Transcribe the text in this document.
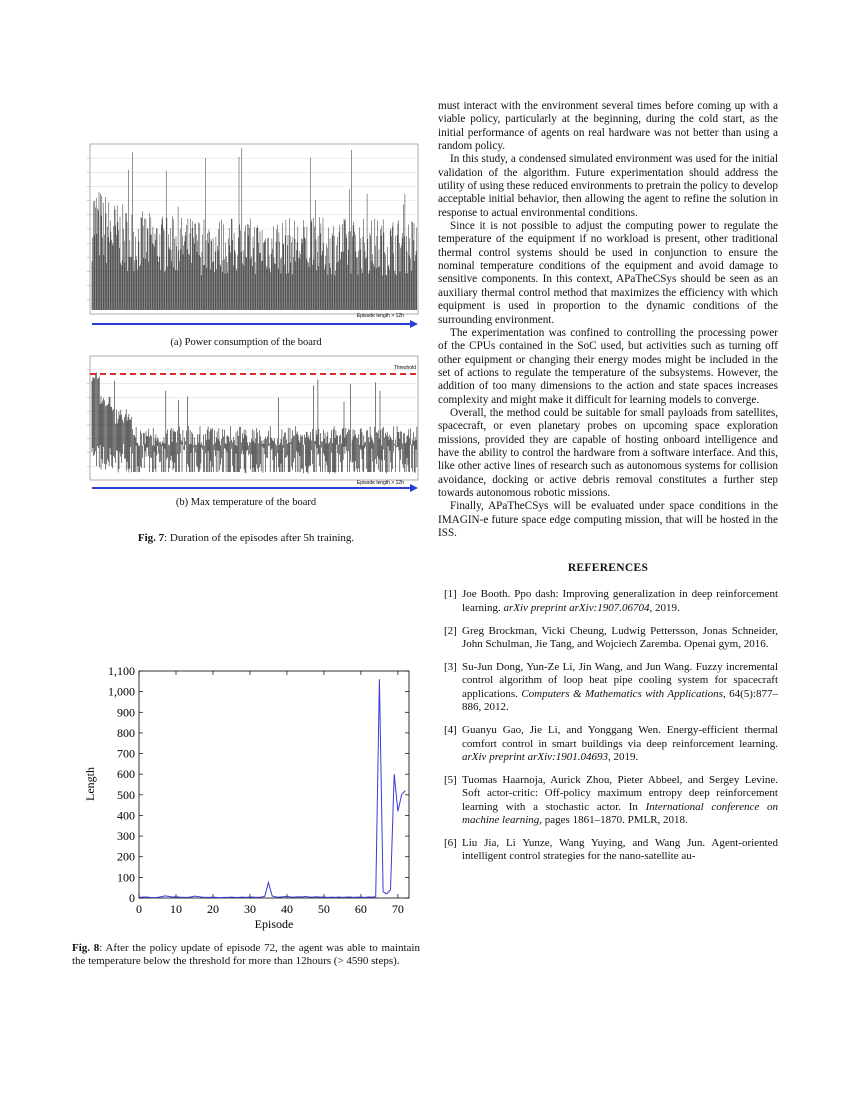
Episode length > 12h
(a) Power consumption of the board
Threshold
Episode length > 12h
(b) Max temperature of the board
Fig. 7: Duration of the episodes after 5h training.
0
100
200
300
400
500
600
700
800
900
1,000
1,100
0 10 20 30 40 50 60 70
Length
Episode
Fig. 8: After the policy update of episode 72, the agent was able to maintain the temperature below the threshold for more than 12hours (> 4590 steps).

must interact with the environment several times before coming up with a viable policy, particularly at the beginning, during the cold start, as the initial performance of agents on real hardware was not better than using a random policy.

In this study, a condensed simulated environment was used for the initial validation of the algorithm. Future experimentation should address the utility of using these reduced environments to pretrain the policy to develop acceptable initial behavior, then allowing the agent to refine the solution in response to actual environmental conditions.

Since it is not possible to adjust the computing power to regulate the temperature of the equipment if no workload is present, other traditional thermal control systems should be used in conjunction to ensure the nominal temperature conditions of the equipment and avoid damage to sensitive components. In this context, APaTheCSys should be seen as an auxiliary thermal control method that maximizes the efficiency with which equipment is used in proportion to the dynamic conditions of the surrounding environment.

The experimentation was confined to controlling the processing power of the CPUs contained in the SoC used, but activities such as turning off other equipment or changing their energy modes might be included in the set of actions to regulate the temperature of the subsystems. However, the addition of too many dimensions to the action and state spaces increases complexity and might make it difficult for learning models to converge.

Overall, the method could be suitable for small payloads from satellites, spacecraft, or even planetary probes on upcoming space exploration missions, provided they are capable of hosting onboard intelligence and have the ability to control the hardware from a software interface. And this, like other active lines of research such as autonomous systems for collision avoidance, docking or active debris removal constitutes a further step towards autonomous robotic missions.

Finally, APaTheCSys will be evaluated under space conditions in the IMAGIN-e future space edge computing mission, that will be hosted in the ISS.

REFERENCES
[1] Joe Booth. Ppo dash: Improving generalization in deep reinforcement learning. arXiv preprint arXiv:1907.06704, 2019.
[2] Greg Brockman, Vicki Cheung, Ludwig Pettersson, Jonas Schneider, John Schulman, Jie Tang, and Wojciech Zaremba. Openai gym, 2016.
[3] Su-Jun Dong, Yun-Ze Li, Jin Wang, and Jun Wang. Fuzzy incremental control algorithm of loop heat pipe cooling system for spacecraft applications. Computers & Mathematics with Applications, 64(5):877–886, 2012.
[4] Guanyu Gao, Jie Li, and Yonggang Wen. Energy-efficient thermal comfort control in smart buildings via deep reinforcement learning. arXiv preprint arXiv:1901.04693, 2019.
[5] Tuomas Haarnoja, Aurick Zhou, Pieter Abbeel, and Sergey Levine. Soft actor-critic: Off-policy maximum entropy deep reinforcement learning with a stochastic actor. In International conference on machine learning, pages 1861–1870. PMLR, 2018.
[6] Liu Jia, Li Yunze, Wang Yuying, and Wang Jun. Agent-oriented intelligent control strategies for the nano-satellite au-
